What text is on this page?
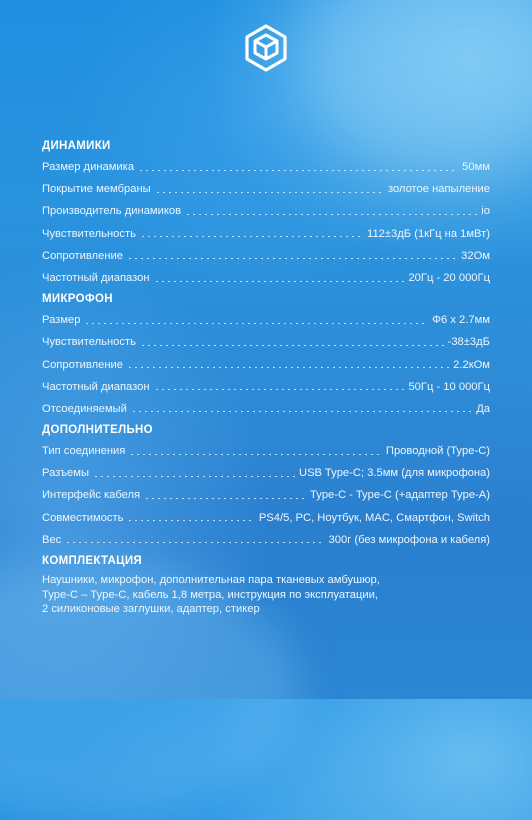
ДИНАМИКИ
Размер динамика	50мм
Покрытие мембраны	золотое напыление
Производитель динамиков	io
Чувствительность	112±3дБ (1кГц на 1мВт)
Сопротивление	32Ом
Частотный диапазон	20Гц - 20 000Гц
МИКРОФОН
Размер	Φ6 x 2.7мм
Чувствительность	-38±3дБ
Сопротивление	2.2кОм
Частотный диапазон	50Гц - 10 000Гц
Отсоединяемый	Да
ДОПОЛНИТЕЛЬНО
Тип соединения	Проводной (Type-C)
Разъемы	USB Type-C; 3.5мм (для микрофона)
Интерфейс кабеля	Type-C - Type-C (+адаптер Type-A)
Совместимость	PS4/5, PC, Ноутбук, MAC, Смартфон, Switch
Вес	300г (без микрофона и кабеля)
КОМПЛЕКТАЦИЯ
Наушники, микрофон, дополнительная пара тканевых амбушюр,
Type-C – Type-C, кабель 1,8 метра, инструкция по эксплуатации,
2 силиконовые заглушки, адаптер, стикер
